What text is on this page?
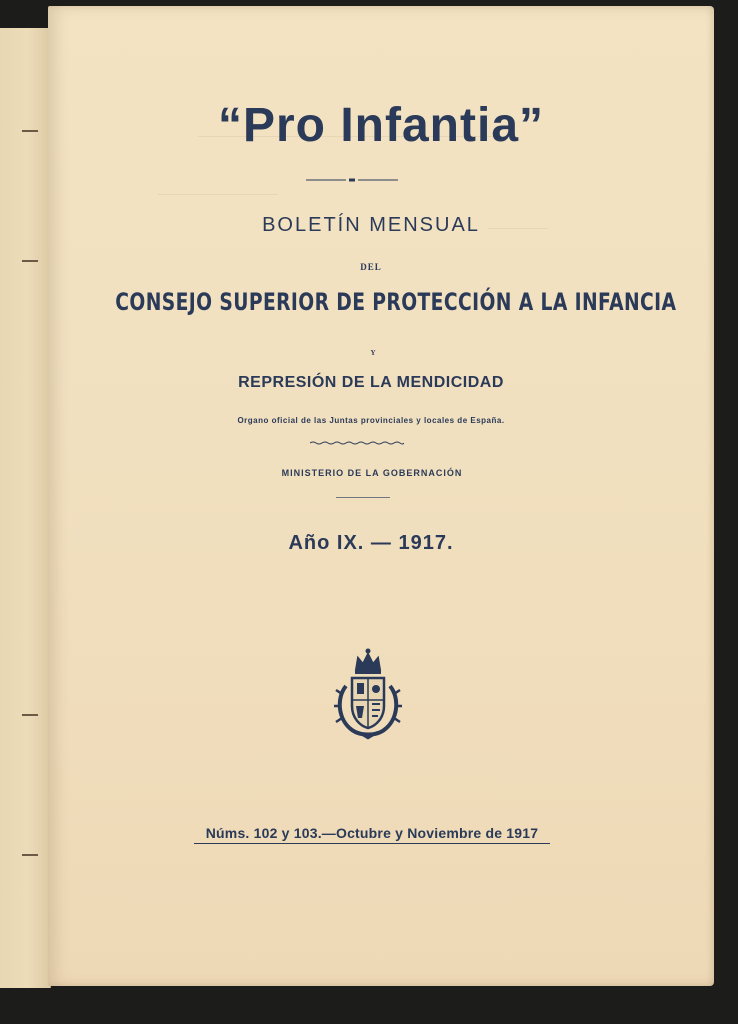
“Pro Infantia”
BOLETÍN MENSUAL
DEL
CONSEJO SUPERIOR DE PROTECCIÓN A LA INFANCIA
Y
REPRESIÓN DE LA MENDICIDAD
Organo oficial de las Juntas provinciales y locales de España.
MINISTERIO DE LA GOBERNACIÓN
Año IX. — 1917.
Núms. 102 y 103.—Octubre y Noviembre de 1917
